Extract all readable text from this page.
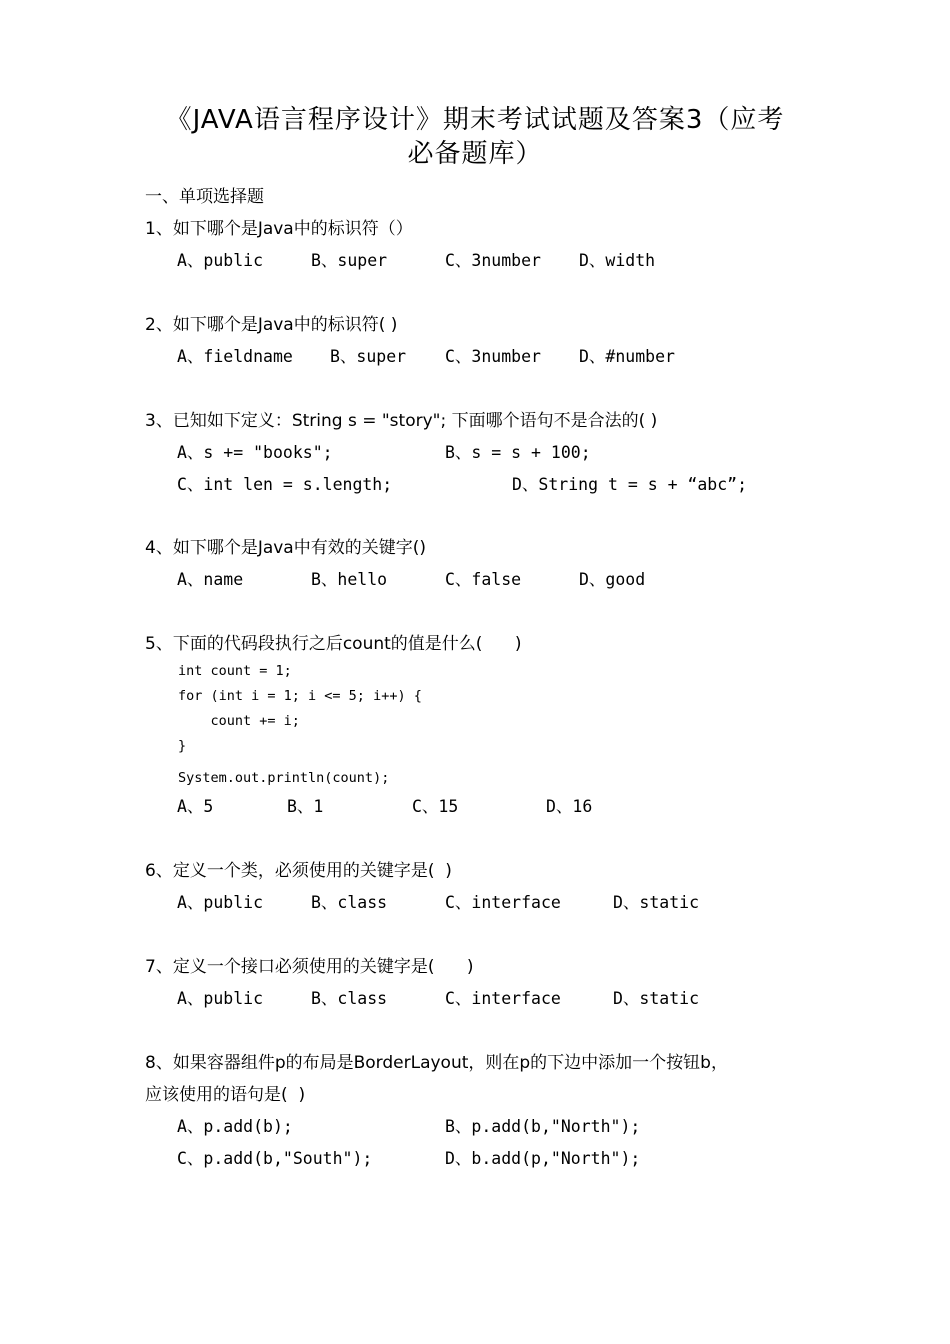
《JAVA语言程序设计》期末考试试题及答案3（应考
必备题库）
一、单项选择题
1、如下哪个是Java中的标识符（）
A、public	B、super	C、3number D、width
2、如下哪个是Java中的标识符( )
A、fieldname B、super C、3number D、#number
3、已知如下定义：String s = "story"; 下面哪个语句不是合法的( )
A、s += "books";	B、s = s + 100;
C、int len = s.length;	D、String t = s + “abc”;
4、如下哪个是Java中有效的关键字()
A、name	B、hello	C、false	D、good
5、下面的代码段执行之后count的值是什么(      )
int count = 1;
for (int i = 1; i <= 5; i++) {
count += i;
}
System.out.println(count);
A、5	B、1	C、15	D、16
6、定义一个类，必须使用的关键字是(  )
A、public	B、class	C、interface	D、static
7、定义一个接口必须使用的关键字是(      )
A、public	B、class	C、interface	D、static
8、如果容器组件p的布局是BorderLayout，则在p的下边中添加一个按钮b，
应该使用的语句是(  )
A、p.add(b);	B、p.add(b,"North");
C、p.add(b,"South");	D、b.add(p,"North");
